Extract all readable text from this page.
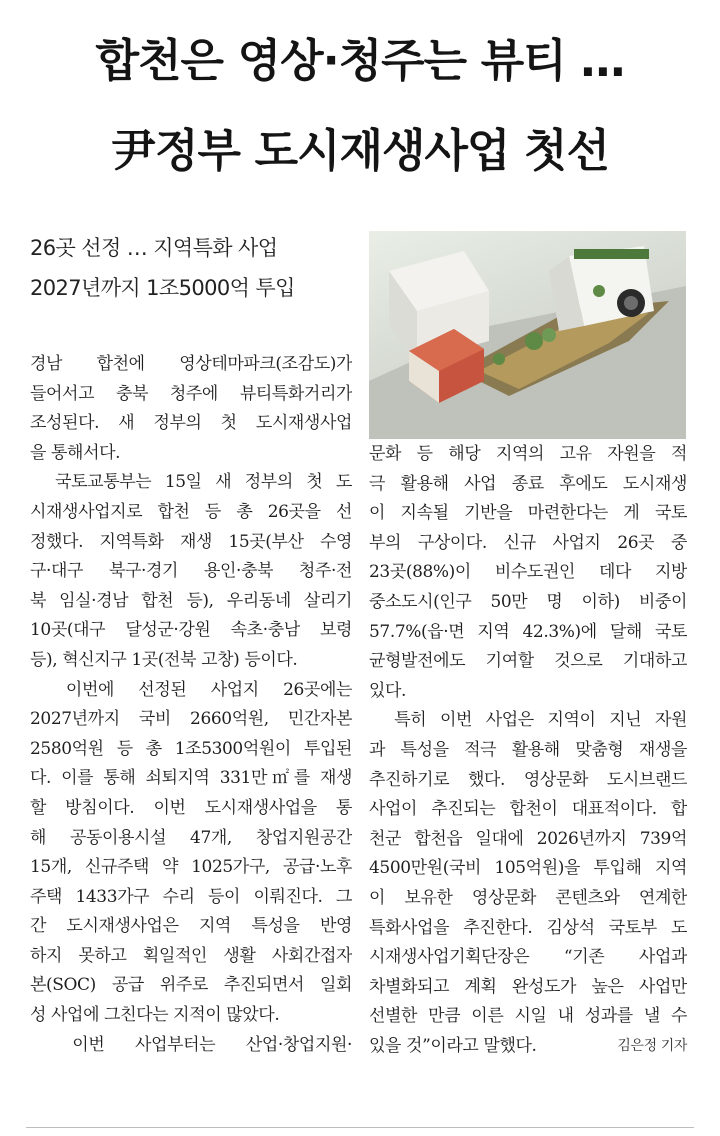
합천은 영상·청주는 뷰티 …
尹정부 도시재생사업 첫선
26곳 선정 … 지역특화 사업
2027년까지 1조5000억 투입
경남 합천에 영상테마파크(조감도)가
들어서고 충북 청주에 뷰티특화거리가
조성된다. 새 정부의 첫 도시재생사업
을 통해서다.
　국토교통부는 15일 새 정부의 첫 도
시재생사업지로 합천 등 총 26곳을 선
정했다. 지역특화 재생 15곳(부산 수영
구·대구 북구·경기 용인·충북 청주·전
북 임실·경남 합천 등), 우리동네 살리기
10곳(대구 달성군·강원 속초·충남 보령
등), 혁신지구 1곳(전북 고창) 등이다.
　이번에 선정된 사업지 26곳에는
2027년까지 국비 2660억원, 민간자본
2580억원 등 총 1조5300억원이 투입된
다. 이를 통해 쇠퇴지역 331만㎡를 재생
할 방침이다. 이번 도시재생사업을 통
해 공동이용시설 47개, 창업지원공간
15개, 신규주택 약 1025가구, 공급·노후
주택 1433가구 수리 등이 이뤄진다. 그
간 도시재생사업은 지역 특성을 반영
하지 못하고 획일적인 생활 사회간접자
본(SOC) 공급 위주로 추진되면서 일회
성 사업에 그친다는 지적이 많았다.
　이번 사업부터는 산업·창업지원·
문화 등 해당 지역의 고유 자원을 적
극 활용해 사업 종료 후에도 도시재생
이 지속될 기반을 마련한다는 게 국토
부의 구상이다. 신규 사업지 26곳 중
23곳(88%)이 비수도권인 데다 지방
중소도시(인구 50만 명 이하) 비중이
57.7%(읍·면 지역 42.3%)에 달해 국토
균형발전에도 기여할 것으로 기대하고
있다.
　특히 이번 사업은 지역이 지닌 자원
과 특성을 적극 활용해 맞춤형 재생을
추진하기로 했다. 영상문화 도시브랜드
사업이 추진되는 합천이 대표적이다. 합
천군 합천읍 일대에 2026년까지 739억
4500만원(국비 105억원)을 투입해 지역
이 보유한 영상문화 콘텐츠와 연계한
특화사업을 추진한다. 김상석 국토부 도
시재생사업기획단장은 “기존 사업과
차별화되고 계획 완성도가 높은 사업만
선별한 만큼 이른 시일 내 성과를 낼 수
있을 것”이라고 말했다.	김은정 기자
